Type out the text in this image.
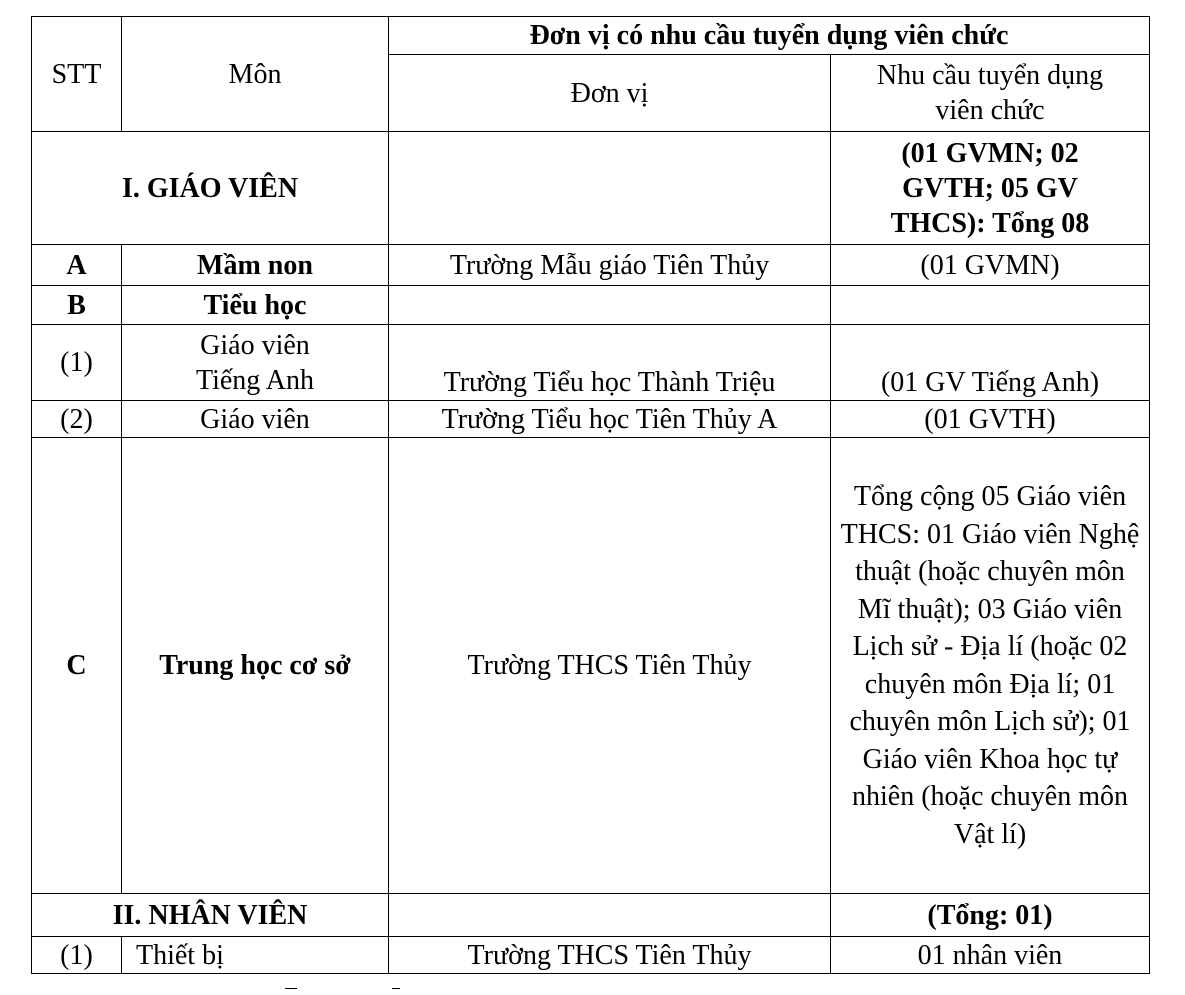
STT	Môn	Đơn vị có nhu cầu tuyển dụng viên chức	
		Đơn vị	Nhu cầu tuyển dụng viên chức
I. GIÁO VIÊN			(01 GVMN; 02 GVTH; 05 GV THCS): Tổng 08
A	Mầm non	Trường Mẫu giáo Tiên Thủy	(01 GVMN)
B	Tiểu học		
(1)	Giáo viên Tiếng Anh	Trường Tiểu học Thành Triệu	(01 GV Tiếng Anh)
(2)	Giáo viên	Trường Tiểu học Tiên Thủy A	(01 GVTH)
C	Trung học cơ sở	Trường THCS Tiên Thủy	Tổng cộng 05 Giáo viên THCS: 01 Giáo viên Nghệ thuật (hoặc chuyên môn Mĩ thuật); 03 Giáo viên Lịch sử - Địa lí (hoặc 02 chuyên môn Địa lí; 01 chuyên môn Lịch sử); 01 Giáo viên Khoa học tự nhiên (hoặc chuyên môn Vật lí)
II. NHÂN VIÊN			(Tổng: 01)
(1)	Thiết bị	Trường THCS Tiên Thủy	01 nhân viên
